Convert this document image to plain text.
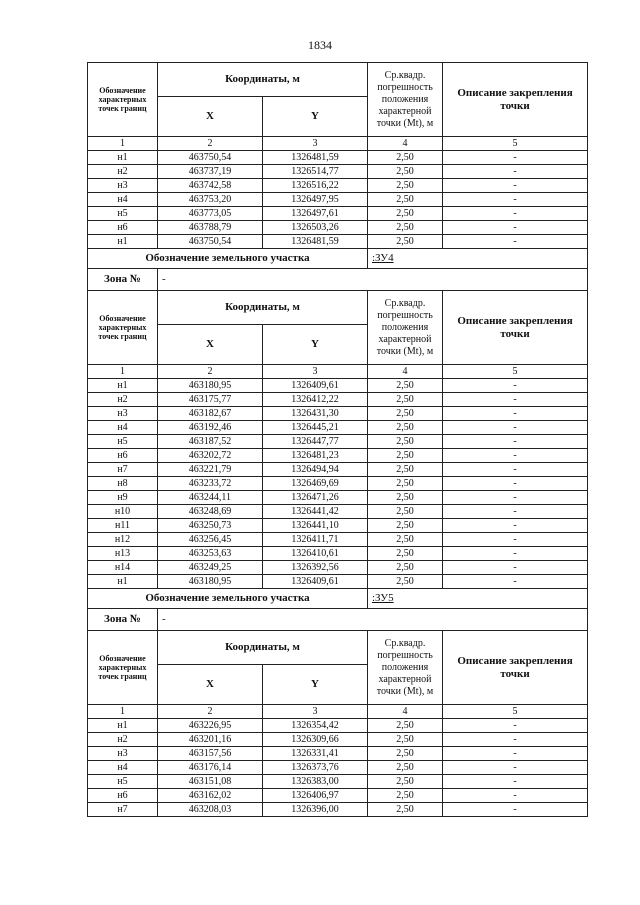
1834
Обозначение характерных точек границ	Координаты, м		Ср.квадр. погрешность положения характерной точки (Mt), м	Описание закрепления точки
	X	Y		
1	2	3	4	5
н1	463750,54	1326481,59	2,50	-
н2	463737,19	1326514,77	2,50	-
н3	463742,58	1326516,22	2,50	-
н4	463753,20	1326497,95	2,50	-
н5	463773,05	1326497,61	2,50	-
н6	463788,79	1326503,26	2,50	-
н1	463750,54	1326481,59	2,50	-
Обозначение земельного участка			:ЗУ4	
Зона №	-			
Обозначение характерных точек границ	Координаты, м		Ср.квадр. погрешность положения характерной точки (Mt), м	Описание закрепления точки
	X	Y		
1	2	3	4	5
н1	463180,95	1326409,61	2,50	-
н2	463175,77	1326412,22	2,50	-
н3	463182,67	1326431,30	2,50	-
н4	463192,46	1326445,21	2,50	-
н5	463187,52	1326447,77	2,50	-
н6	463202,72	1326481,23	2,50	-
н7	463221,79	1326494,94	2,50	-
н8	463233,72	1326469,69	2,50	-
н9	463244,11	1326471,26	2,50	-
н10	463248,69	1326441,42	2,50	-
н11	463250,73	1326441,10	2,50	-
н12	463256,45	1326411,71	2,50	-
н13	463253,63	1326410,61	2,50	-
н14	463249,25	1326392,56	2,50	-
н1	463180,95	1326409,61	2,50	-
Обозначение земельного участка			:ЗУ5	
Зона №	-			
Обозначение характерных точек границ	Координаты, м		Ср.квадр. погрешность положения характерной точки (Mt), м	Описание закрепления точки
	X	Y		
1	2	3	4	5
н1	463226,95	1326354,42	2,50	-
н2	463201,16	1326309,66	2,50	-
н3	463157,56	1326331,41	2,50	-
н4	463176,14	1326373,76	2,50	-
н5	463151,08	1326383,00	2,50	-
н6	463162,02	1326406,97	2,50	-
н7	463208,03	1326396,00	2,50	-
